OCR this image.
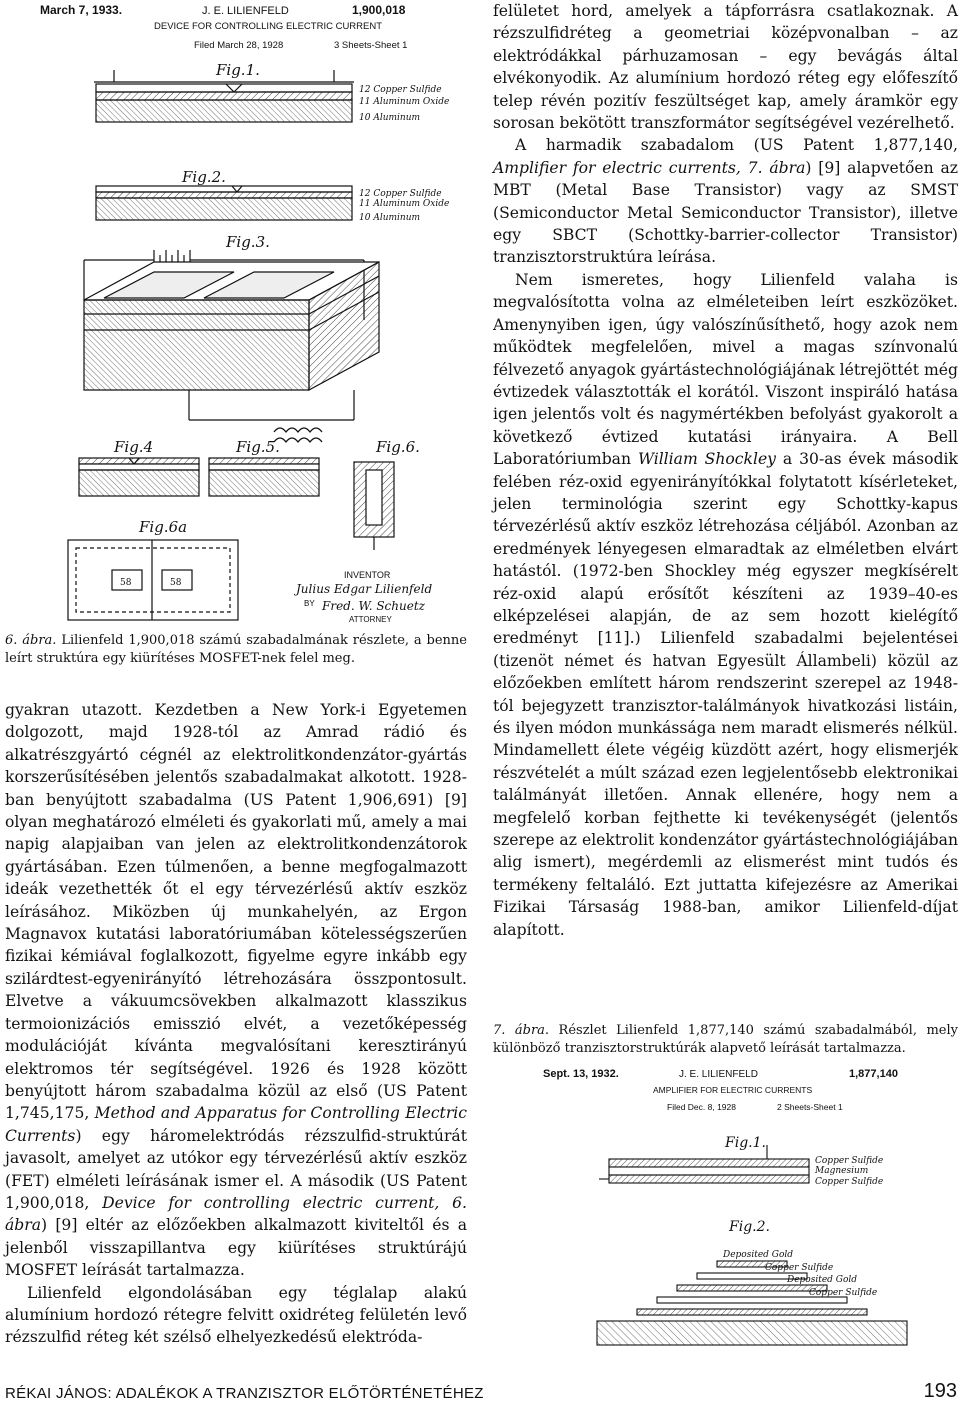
March 7, 1933.	J. E. LILIENFELD	1,900,018
DEVICE FOR CONTROLLING ELECTRIC CURRENT
Filed March 28, 1928	3 Sheets-Sheet 1
Fig.1.
12 Copper Sulfide
11 Aluminum Oxide
10 Aluminum
Fig.2.
12 Copper Sulfide
11 Aluminum Oxide
10 Aluminum
Fig.3.
Fig.4	Fig.5.	Fig.6.
Fig.6a
58	58
INVENTOR
Julius Edgar Lilienfeld
BY Fred. W. Schuetz
ATTORNEY
6. ábra. Lilienfeld 1,900,018 számú szabadalmának részlete, a benne leírt struktúra egy kiürítéses MOSFET-nek felel meg.

gyakran utazott. Kezdetben a New York-i Egyetemen dolgozott, majd 1928-tól az Amrad rádió és alkatrészgyártó cégnél az elektrolitkondenzátor-gyártás korszerűsítésében jelentős szabadalmakat alkotott. 1928-ban benyújtott szabadalma (US Patent 1,906,691) [9] olyan meghatározó elméleti és gyakorlati mű, amely a mai napig alapjaiban van jelen az elektrolitkondenzátorok gyártásában. Ezen túlmenően, a benne megfogalmazott ideák vezethették őt el egy térvezérlésű aktív eszköz leírásához. Miközben új munkahelyén, az Ergon Magnavox kutatási laboratóriumában kötelességszerűen fizikai kémiával foglalkozott, figyelme egyre inkább egy szilárdtest-egyenirányító létrehozására összpontosult. Elvetve a vákuumcsövekben alkalmazott klasszikus termoionizációs emisszió elvét, a vezetőképesség modulációját kívánta megvalósítani keresztirányú elektromos tér segítségével. 1926 és 1928 között benyújtott három szabadalma közül az első (US Patent 1,745,175, Method and Apparatus for Controlling Electric Currents) egy háromelektródás rézszulfid-struktúrát javasolt, amelyet az utókor egy térvezérlésű aktív eszköz (FET) elméleti leírásának ismer el. A második (US Patent 1,900,018, Device for controlling electric current, 6. ábra) [9] eltér az előzőekben alkalmazott kiviteltől és a jelenből visszapillantva egy kiürítéses struktúrájú MOSFET leírását tartalmazza.

Lilienfeld elgondolásában egy téglalap alakú alumínium hordozó rétegre felvitt oxidréteg felületén levő rézszulfid réteg két szélső elhelyezkedésű elektróda-

felületet hord, amelyek a tápforrásra csatlakoznak. A rézszulfidréteg a geometriai középvonalban – az elektródákkal párhuzamosan – egy bevágás által elvékonyodik. Az alumínium hordozó réteg egy előfeszítő telep révén pozitív feszültséget kap, amely áramkör egy sorosan bekötött transzformátor segítségével vezérelhető.

A harmadik szabadalom (US Patent 1,877,140, Amplifier for electric currents, 7. ábra) [9] alapvetően az MBT (Metal Base Transistor) vagy az SMST (Semiconductor Metal Semiconductor Transistor), illetve egy SBCT (Schottky-barrier-collector Transistor) tranzisztorstruktúra leírása.

Nem ismeretes, hogy Lilienfeld valaha is megvalósította volna az elméleteiben leírt eszközöket. Amenynyiben igen, úgy valószínűsíthető, hogy azok nem működtek megfelelően, mivel a magas színvonalú félvezető anyagok gyártástechnológiájának létrejöttét még évtizedek választották el korától. Viszont inspiráló hatása igen jelentős volt és nagymértékben befolyást gyakorolt a következő évtized kutatási irányaira. A Bell Laboratóriumban William Shockley a 30-as évek második felében réz-oxid egyenirányítókkal folytatott kísérleteket, jelen terminológia szerint egy Schottky-kapus térvezérlésű aktív eszköz létrehozása céljából. Azonban az eredmények lényegesen elmaradtak az elméletben elvárt hatástól. (1972-ben Shockley még egyszer megkísérelt réz-oxid alapú erősítőt készíteni az 1939–40-es elképzelései alapján, de az sem hozott kielégítő eredményt [11].) Lilienfeld szabadalmi bejelentései (tizenöt német és hatvan Egyesült Állambeli) közül az előzőekben említett három rendszerint szerepel az 1948-tól bejegyzett tranzisztor-találmányok hivatkozási listáin, és ilyen módon munkássága nem maradt elismerés nélkül. Mindamellett élete végéig küzdött azért, hogy elismerjék részvételét a múlt század ezen legjelentősebb elektronikai találmányát illetően. Annak ellenére, hogy nem a megfelelő korban fejthette ki tevékenységét (jelentős szerepe az elektrolit kondenzátor gyártástechnológiájában alig ismert), megérdemli az elismerést mint tudós és termékeny feltaláló. Ezt juttatta kifejezésre az Amerikai Fizikai Társaság 1988-ban, amikor Lilienfeld-díjat alapított.

7. ábra. Részlet Lilienfeld 1,877,140 számú szabadalmából, mely különböző tranzisztorstruktúrák alapvető leírását tartalmazza.
Sept. 13, 1932.	J. E. LILIENFELD	1,877,140
AMPLIFIER FOR ELECTRIC CURRENTS
Filed Dec. 8, 1928	2 Sheets-Sheet 1
Fig.1.
Copper Sulfide
Magnesium
Copper Sulfide
Fig.2.
Deposited Gold
Copper Sulfide
Deposited Gold
Copper Sulfide
RÉKAI JÁNOS: ADALÉKOK A TRANZISZTOR ELŐTÖRTÉNETÉHEZ	193
